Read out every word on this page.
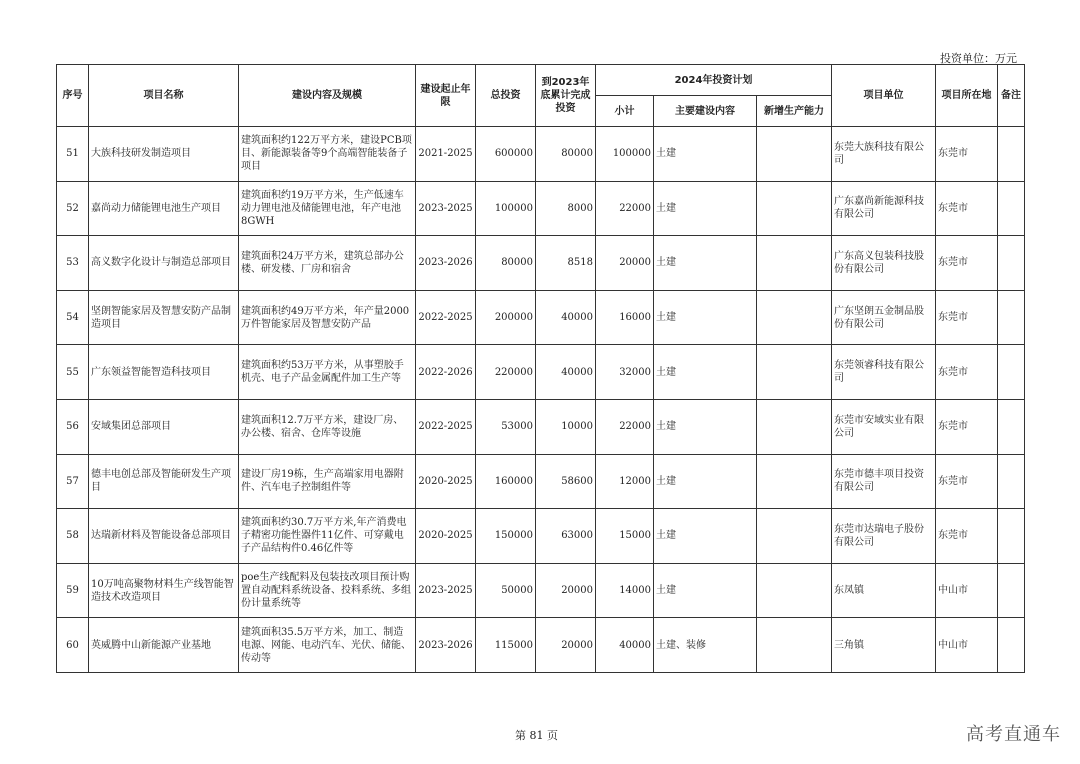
投资单位：万元
序号	项目名称	建设内容及规模	建设起止年限	总投资	到2023年底累计完成投资	2024年投资计划			项目单位	项目所在地	备注
						小计	主要建设内容	新增生产能力			
51	大族科技研发制造项目	建筑面积约122万平方米，建设PCB项目、新能源装备等9个高端智能装备子项目	2021-2025	600000	80000	100000	土建		东莞大族科技有限公司	东莞市	
52	嘉尚动力储能锂电池生产项目	建筑面积约19万平方米，生产低速车动力锂电池及储能锂电池，年产电池8GWH	2023-2025	100000	8000	22000	土建		广东嘉尚新能源科技有限公司	东莞市	
53	高义数字化设计与制造总部项目	建筑面积24万平方米，建筑总部办公楼、研发楼、厂房和宿舍	2023-2026	80000	8518	20000	土建		广东高义包装科技股份有限公司	东莞市	
54	坚朗智能家居及智慧安防产品制造项目	建筑面积约49万平方米，年产量2000万件智能家居及智慧安防产品	2022-2025	200000	40000	16000	土建		广东坚朗五金制品股份有限公司	东莞市	
55	广东领益智能智造科技项目	建筑面积约53万平方米，从事塑胶手机壳、电子产品金属配件加工生产等	2022-2026	220000	40000	32000	土建		东莞领睿科技有限公司	东莞市	
56	安域集团总部项目	建筑面积12.7万平方米，建设厂房、办公楼、宿舍、仓库等设施	2022-2025	53000	10000	22000	土建		东莞市安域实业有限公司	东莞市	
57	德丰电创总部及智能研发生产项目	建设厂房19栋，生产高端家用电器附件、汽车电子控制组件等	2020-2025	160000	58600	12000	土建		东莞市德丰项目投资有限公司	东莞市	
58	达瑞新材料及智能设备总部项目	建筑面积约30.7万平方米,年产消费电子精密功能性器件11亿件、可穿戴电子产品结构件0.46亿件等	2020-2025	150000	63000	15000	土建		东莞市达瑞电子股份有限公司	东莞市	
59	10万吨高聚物材料生产线智能智造技术改造项目	poe生产线配料及包装技改项目预计购置自动配料系统设备、投料系统、多组份计量系统等	2023-2025	50000	20000	14000	土建		东凤镇	中山市	
60	英威腾中山新能源产业基地	建筑面积35.5万平方米，加工、制造电源、网能、电动汽车、光伏、储能、传动等	2023-2026	115000	20000	40000	土建、装修		三角镇	中山市	
第 81 页	高考直通车
